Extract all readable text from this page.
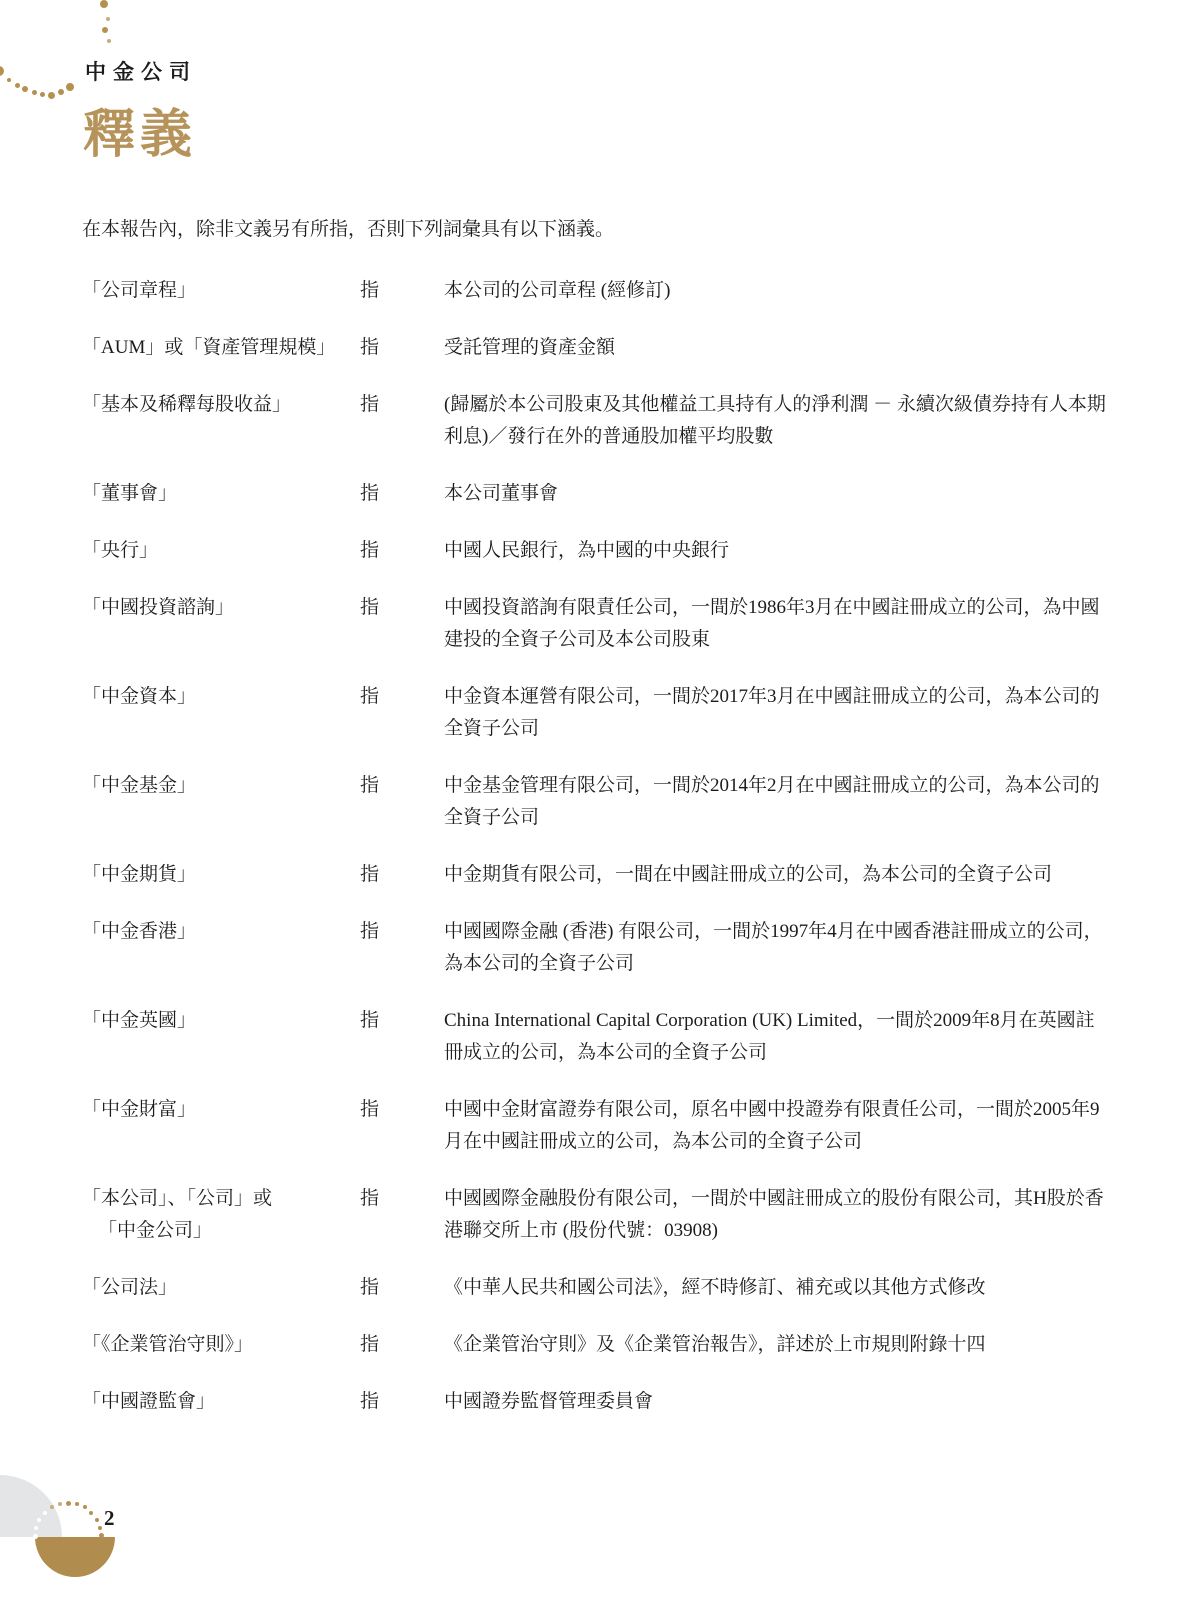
中金公司
釋義

在本報告內，除非文義另有所指，否則下列詞彙具有以下涵義。

「公司章程」	指	本公司的公司章程 (經修訂)
「AUM」或「資產管理規模」	指	受託管理的資產金額
「基本及稀釋每股收益」	指	(歸屬於本公司股東及其他權益工具持有人的淨利潤 － 永續次級債券持有人本期利息)／發行在外的普通股加權平均股數
「董事會」	指	本公司董事會
「央行」	指	中國人民銀行，為中國的中央銀行
「中國投資諮詢」	指	中國投資諮詢有限責任公司，一間於1986年3月在中國註冊成立的公司，為中國建投的全資子公司及本公司股東
「中金資本」	指	中金資本運營有限公司，一間於2017年3月在中國註冊成立的公司，為本公司的全資子公司
「中金基金」	指	中金基金管理有限公司，一間於2014年2月在中國註冊成立的公司，為本公司的全資子公司
「中金期貨」	指	中金期貨有限公司，一間在中國註冊成立的公司，為本公司的全資子公司
「中金香港」	指	中國國際金融 (香港) 有限公司，一間於1997年4月在中國香港註冊成立的公司，為本公司的全資子公司
「中金英國」	指	China International Capital Corporation (UK) Limited，一間於2009年8月在英國註冊成立的公司，為本公司的全資子公司
「中金財富」	指	中國中金財富證券有限公司，原名中國中投證券有限責任公司，一間於2005年9月在中國註冊成立的公司，為本公司的全資子公司
「本公司」、「公司」或
「中金公司」
指	中國國際金融股份有限公司，一間於中國註冊成立的股份有限公司，其H股於香港聯交所上市 (股份代號：03908)
「公司法」	指	《中華人民共和國公司法》，經不時修訂、補充或以其他方式修改
「《企業管治守則》」	指	《企業管治守則》及《企業管治報告》，詳述於上市規則附錄十四
「中國證監會」	指	中國證券監督管理委員會
2
